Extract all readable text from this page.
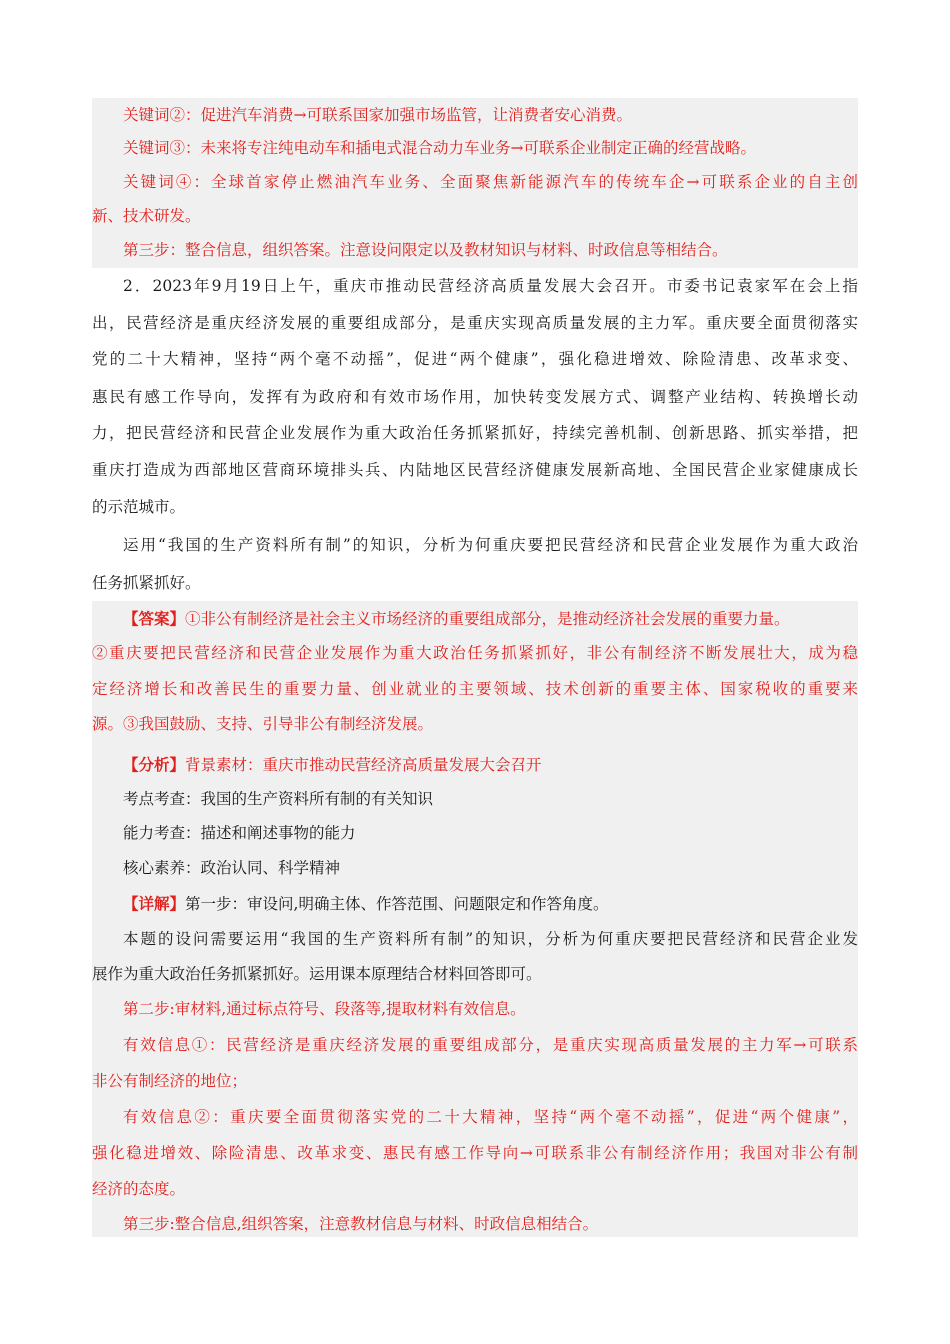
关键词②：促进汽车消费→可联系国家加强市场监管，让消费者安心消费。
关键词③：未来将专注纯电动车和插电式混合动力车业务→可联系企业制定正确的经营战略。
关键词④：全球首家停止燃油汽车业务、全面聚焦新能源汽车的传统车企→可联系企业的自主创
新、技术研发。
第三步：整合信息，组织答案。注意设问限定以及教材知识与材料、时政信息等相结合。
2．2023年9月19日上午，重庆市推动民营经济高质量发展大会召开。市委书记袁家军在会上指
出，民营经济是重庆经济发展的重要组成部分，是重庆实现高质量发展的主力军。重庆要全面贯彻落实
党的二十大精神，坚持“两个毫不动摇”，促进“两个健康”，强化稳进增效、除险清患、改革求变、
惠民有感工作导向，发挥有为政府和有效市场作用，加快转变发展方式、调整产业结构、转换增长动
力，把民营经济和民营企业发展作为重大政治任务抓紧抓好，持续完善机制、创新思路、抓实举措，把
重庆打造成为西部地区营商环境排头兵、内陆地区民营经济健康发展新高地、全国民营企业家健康成长
的示范城市。
运用“我国的生产资料所有制”的知识，分析为何重庆要把民营经济和民营企业发展作为重大政治
任务抓紧抓好。
【答案】①非公有制经济是社会主义市场经济的重要组成部分，是推动经济社会发展的重要力量。
②重庆要把民营经济和民营企业发展作为重大政治任务抓紧抓好，非公有制经济不断发展壮大，成为稳
定经济增长和改善民生的重要力量、创业就业的主要领域、技术创新的重要主体、国家税收的重要来
源。③我国鼓励、支持、引导非公有制经济发展。
【分析】背景素材：重庆市推动民营经济高质量发展大会召开
考点考查：我国的生产资料所有制的有关知识
能力考查：描述和阐述事物的能力
核心素养：政治认同、科学精神
【详解】第一步：审设问,明确主体、作答范围、问题限定和作答角度。
本题的设问需要运用“我国的生产资料所有制”的知识，分析为何重庆要把民营经济和民营企业发
展作为重大政治任务抓紧抓好。运用课本原理结合材料回答即可。
第二步:审材料,通过标点符号、段落等,提取材料有效信息。
有效信息①：民营经济是重庆经济发展的重要组成部分，是重庆实现高质量发展的主力军→可联系
非公有制经济的地位；
有效信息②：重庆要全面贯彻落实党的二十大精神，坚持“两个毫不动摇”，促进“两个健康”，
强化稳进增效、除险清患、改革求变、惠民有感工作导向→可联系非公有制经济作用；我国对非公有制
经济的态度。
第三步:整合信息,组织答案，注意教材信息与材料、时政信息相结合。
